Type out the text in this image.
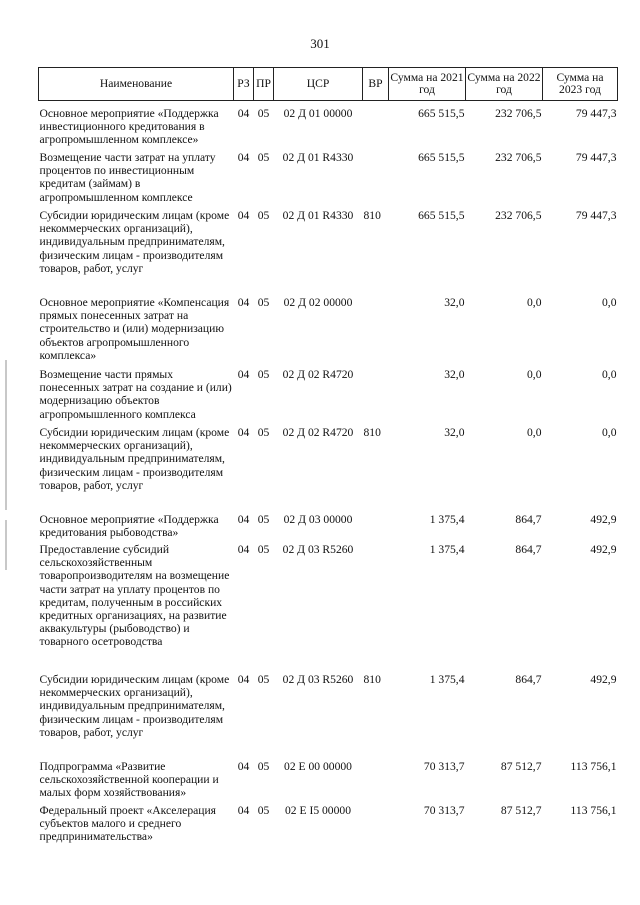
301
Наименование	РЗ	ПР	ЦСР	ВР	Сумма на 2021 год	Сумма на 2022 год	Сумма на 2023 год

Основное мероприятие «Поддержка инвестиционного кредитования в агропромышленном комплексе»	04	05	02 Д 01 00000		665 515,5	232 706,5	79 447,3
Возмещение части затрат на уплату процентов по инвестиционным кредитам (займам) в агропромышленном комплексе	04	05	02 Д 01 R4330		665 515,5	232 706,5	79 447,3
Субсидии юридическим лицам (кроме некоммерческих организаций), индивидуальным предпринимателям, физическим лицам - производителям товаров, работ, услуг	04	05	02 Д 01 R4330	810	665 515,5	232 706,5	79 447,3
Основное мероприятие «Компенсация прямых понесенных затрат на строительство и (или) модернизацию объектов агропромышленного комплекса»	04	05	02 Д 02 00000		32,0	0,0	0,0
Возмещение части прямых понесенных затрат на создание и (или) модернизацию объектов агропромышленного комплекса	04	05	02 Д 02 R4720		32,0	0,0	0,0
Субсидии юридическим лицам (кроме некоммерческих организаций), индивидуальным предпринимателям, физическим лицам - производителям товаров, работ, услуг	04	05	02 Д 02 R4720	810	32,0	0,0	0,0
Основное мероприятие «Поддержка кредитования рыбоводства»	04	05	02 Д 03 00000		1 375,4	864,7	492,9
Предоставление субсидий сельскохозяйственным товаропроизводителям на возмещение части затрат на уплату процентов по кредитам, полученным в российских кредитных организациях, на развитие аквакультуры (рыбоводство) и товарного осетроводства	04	05	02 Д 03 R5260		1 375,4	864,7	492,9
Субсидии юридическим лицам (кроме некоммерческих организаций), индивидуальным предпринимателям, физическим лицам - производителям товаров, работ, услуг	04	05	02 Д 03 R5260	810	1 375,4	864,7	492,9
Подпрограмма «Развитие сельскохозяйственной кооперации и малых форм хозяйствования»	04	05	02 Е 00 00000		70 313,7	87 512,7	113 756,1
Федеральный проект «Акселерация субъектов малого и среднего предпринимательства»	04	05	02 Е I5 00000		70 313,7	87 512,7	113 756,1
